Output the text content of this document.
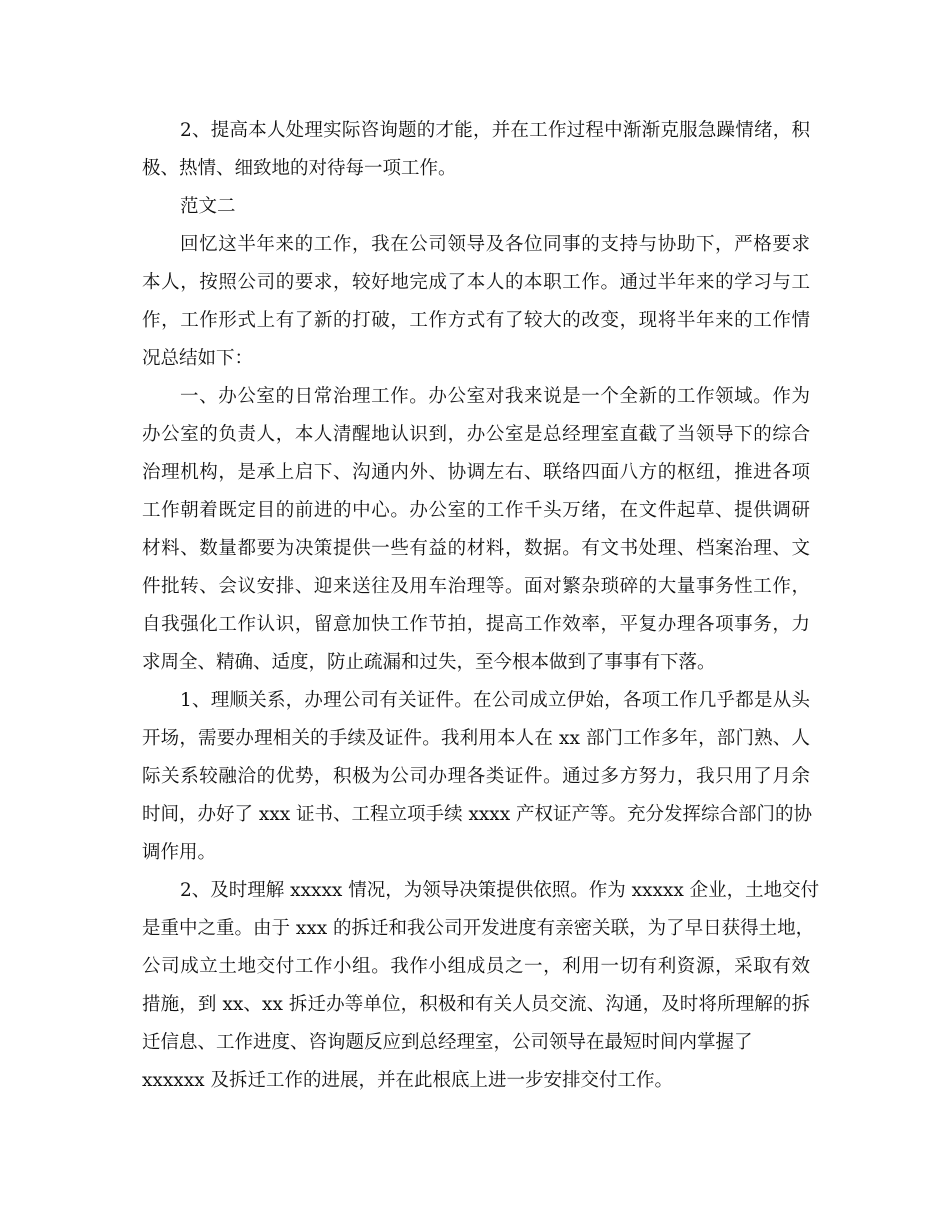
2、提高本人处理实际咨询题的才能，并在工作过程中渐渐克服急躁情绪，积
极、热情、细致地的对待每一项工作。
范文二
回忆这半年来的工作，我在公司领导及各位同事的支持与协助下，严格要求
本人，按照公司的要求，较好地完成了本人的本职工作。通过半年来的学习与工
作，工作形式上有了新的打破，工作方式有了较大的改变，现将半年来的工作情
况总结如下：
一、办公室的日常治理工作。办公室对我来说是一个全新的工作领域。作为
办公室的负责人，本人清醒地认识到，办公室是总经理室直截了当领导下的综合
治理机构，是承上启下、沟通内外、协调左右、联络四面八方的枢纽，推进各项
工作朝着既定目的前进的中心。办公室的工作千头万绪，在文件起草、提供调研
材料、数量都要为决策提供一些有益的材料，数据。有文书处理、档案治理、文
件批转、会议安排、迎来送往及用车治理等。面对繁杂琐碎的大量事务性工作，
自我强化工作认识，留意加快工作节拍，提高工作效率，平复办理各项事务，力
求周全、精确、适度，防止疏漏和过失，至今根本做到了事事有下落。
1、理顺关系，办理公司有关证件。在公司成立伊始，各项工作几乎都是从头
开场，需要办理相关的手续及证件。我利用本人在 xx 部门工作多年，部门熟、人
际关系较融洽的优势，积极为公司办理各类证件。通过多方努力，我只用了月余
时间，办好了 xxx 证书、工程立项手续 xxxx 产权证产等。充分发挥综合部门的协
调作用。
2、及时理解 xxxxx 情况，为领导决策提供依照。作为 xxxxx 企业，土地交付
是重中之重。由于 xxx 的拆迁和我公司开发进度有亲密关联，为了早日获得土地，
公司成立土地交付工作小组。我作小组成员之一，利用一切有利资源，采取有效
措施，到 xx、xx 拆迁办等单位，积极和有关人员交流、沟通，及时将所理解的拆
迁信息、工作进度、咨询题反应到总经理室，公司领导在最短时间内掌握了
xxxxxx 及拆迁工作的进展，并在此根底上进一步安排交付工作。
